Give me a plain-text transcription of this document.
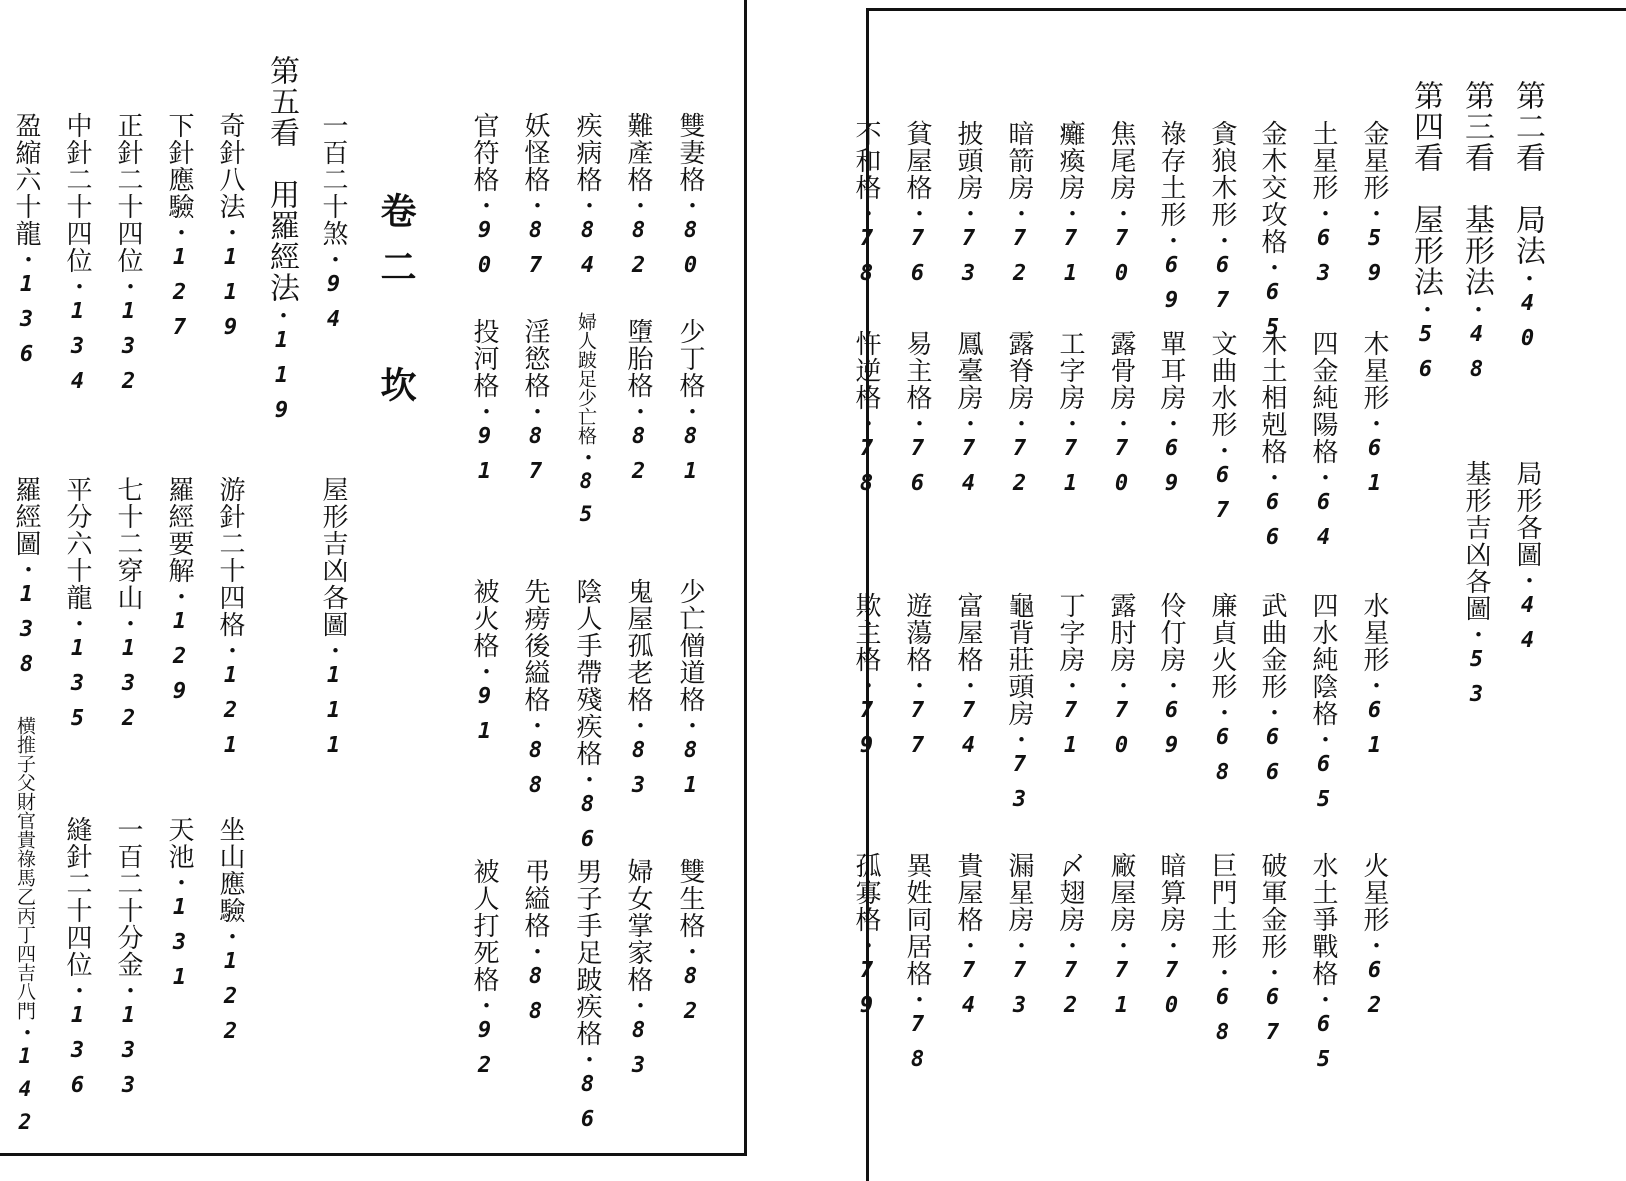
卷二 坎
雙妻格・80
少丁格・81
少亡僧道格・81
雙生格・82
難產格・82
墮胎格・82
鬼屋孤老格・83
婦女掌家格・83
疾病格・84
婦人跛足少亡格・85
陰人手帶殘疾格・86
男子手足跛疾格・86
妖怪格・87
淫慾格・87
先痨後縊格・88
弔縊格・88
官符格・90
投河格・91
被火格・91
被人打死格・92
一百二十煞・94
屋形吉凶各圖・111
第五看　用羅經法・119
奇針八法・119
游針二十四格・121
坐山應驗・122
下針應驗・127
羅經要解・129
天池・131
正針二十四位・132
七十二穿山・132
一百二十分金・133
中針二十四位・134
平分六十龍・135
縫針二十四位・136
盈縮六十龍・136
羅經圖・138
横推子父財官貴祿馬乙丙丁四吉八門・142
第二看　局法・40
局形各圖・44
第三看　基形法・48
基形吉凶各圖・53
第四看　屋形法・56
金星形・59
木星形・61
水星形・61
火星形・62
土星形・63
四金純陽格・64
四水純陰格・65
水土爭戰格・65
金木交攻格・65
木土相剋格・66
武曲金形・66
破軍金形・67
貪狼木形・67
文曲水形・67
廉貞火形・68
巨門土形・68
祿存土形・69
單耳房・69
伶仃房・69
暗算房・70
焦尾房・70
露骨房・70
露肘房・70
廠屋房・71
癱瘓房・71
工字房・71
丁字房・71
〆翅房・72
暗箭房・72
露脊房・72
龜背莊頭房・73
漏星房・73
披頭房・73
鳳臺房・74
富屋格・74
貴屋格・74
貧屋格・76
易主格・76
遊蕩格・77
異姓同居格・78
不和格・78
忤逆格・78
欺主格・79
孤寡格・79
